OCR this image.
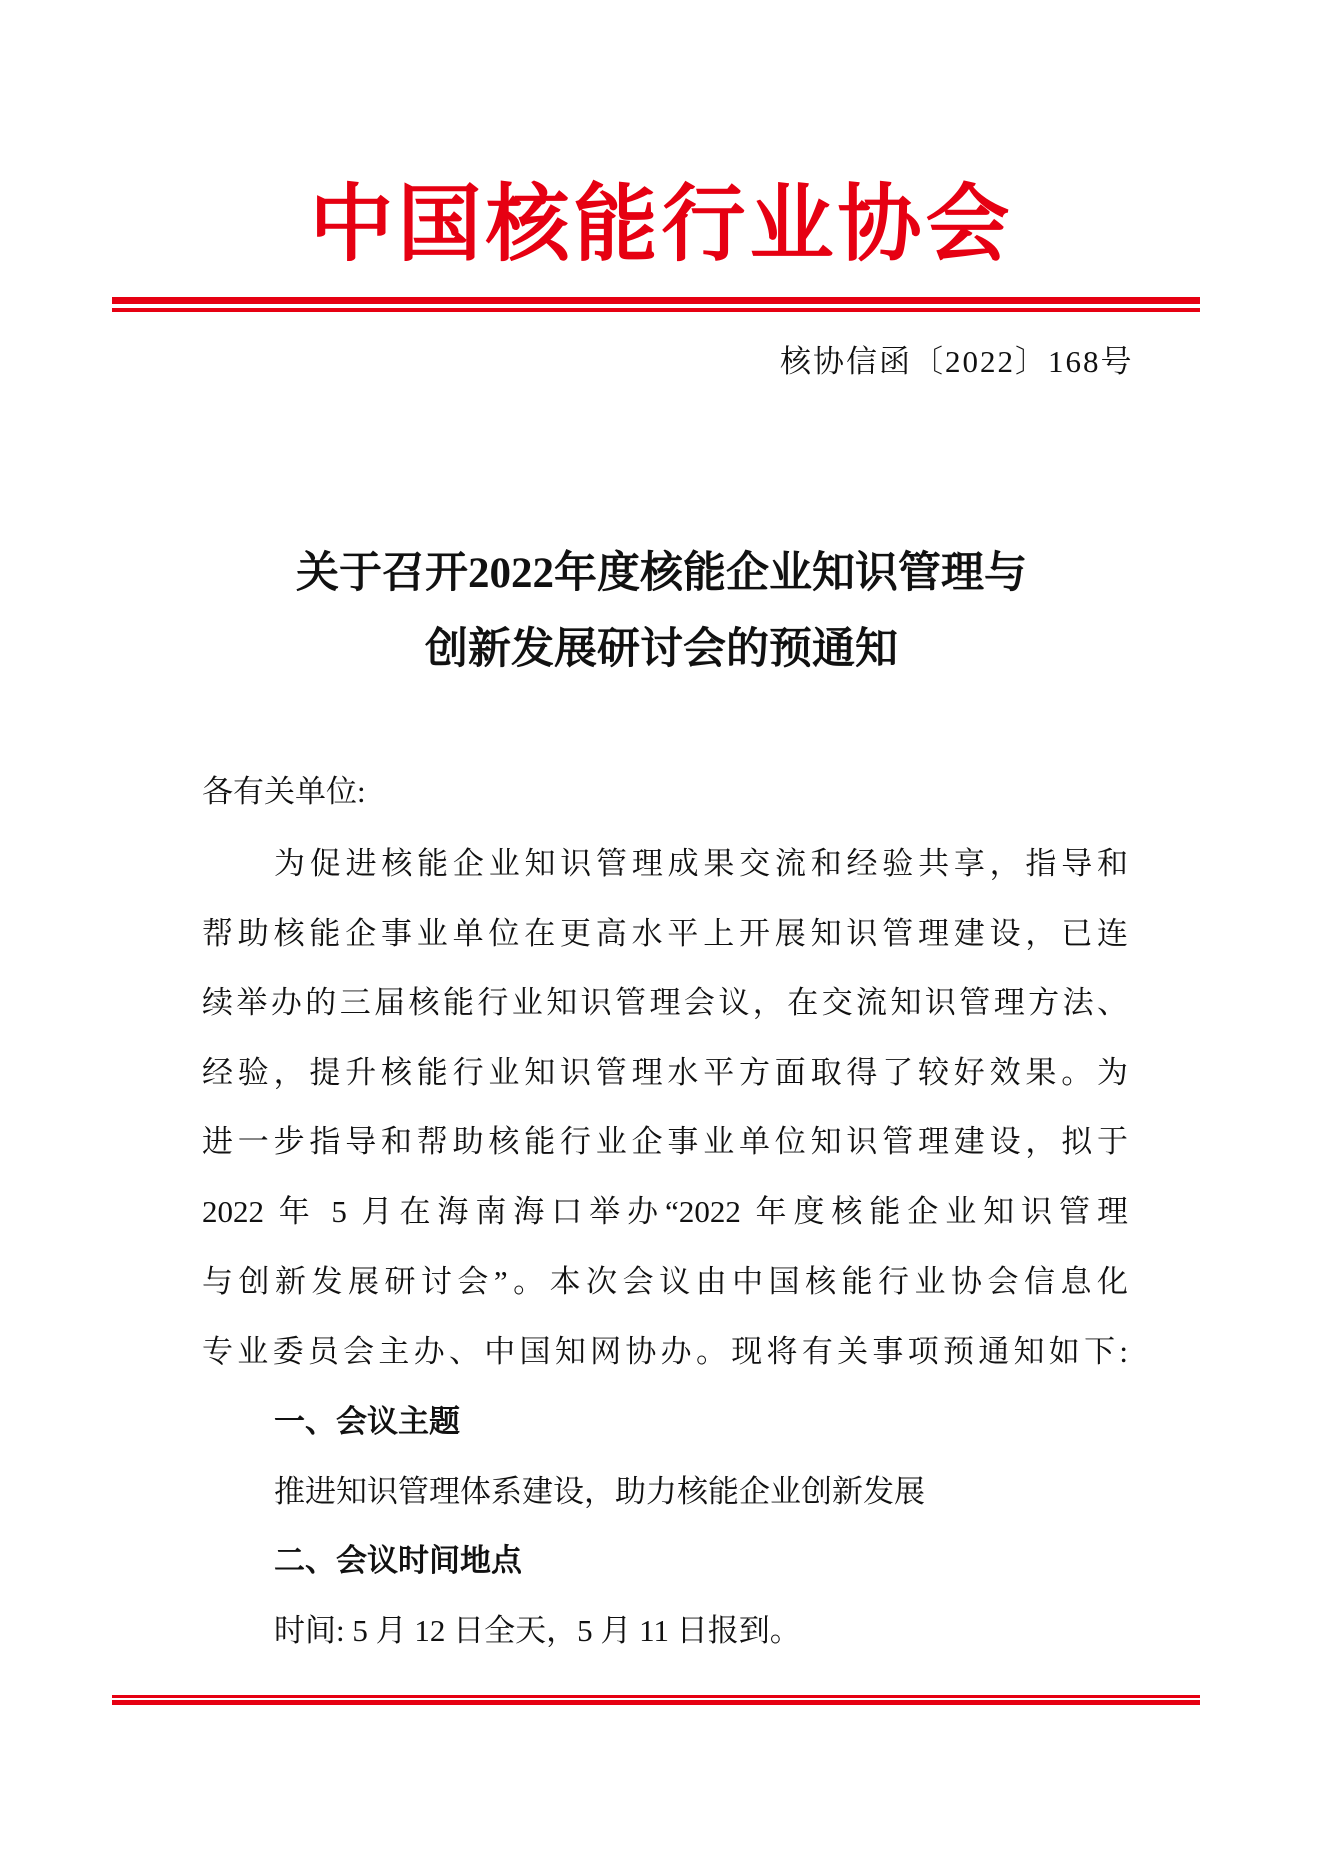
中国核能行业协会
核协信函〔2022〕168号
关于召开2022年度核能企业知识管理与
创新发展研讨会的预通知
各有关单位:
为促进核能企业知识管理成果交流和经验共享，指导和
帮助核能企事业单位在更高水平上开展知识管理建设，已连
续举办的三届核能行业知识管理会议，在交流知识管理方法、
经验，提升核能行业知识管理水平方面取得了较好效果。为
进一步指导和帮助核能行业企事业单位知识管理建设，拟于
2022 年 5 月在海南海口举办“2022 年度核能企业知识管理
与创新发展研讨会”。本次会议由中国核能行业协会信息化
专业委员会主办、中国知网协办。现将有关事项预通知如下:
一、会议主题
推进知识管理体系建设，助力核能企业创新发展
二、会议时间地点
时间: 5 月 12 日全天，5 月 11 日报到。
